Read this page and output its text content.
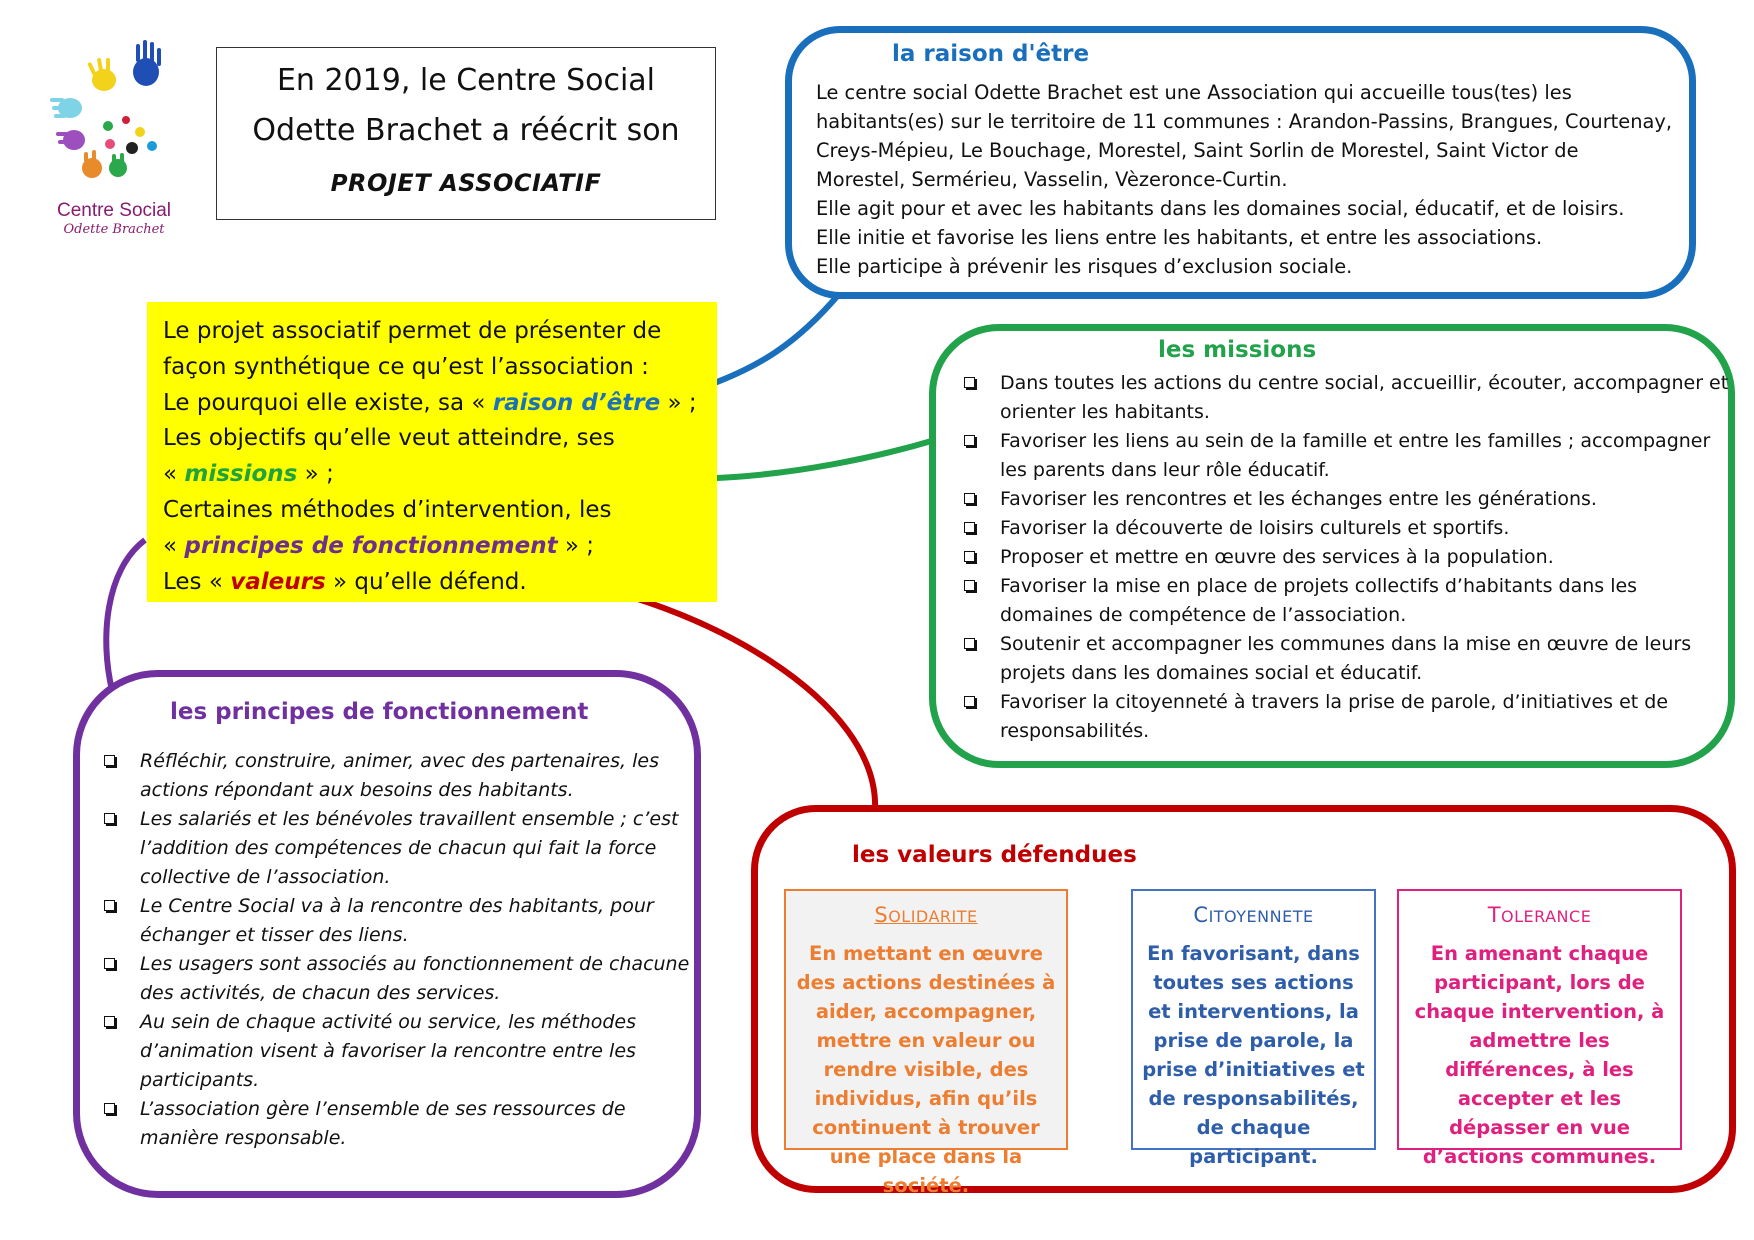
Centre Social
Odette Brachet
En 2019, le Centre Social
Odette Brachet a réécrit son
PROJET ASSOCIATIF
Le projet associatif permet de présenter de
façon synthétique ce qu’est l’association :
Le pourquoi elle existe, sa « raison d’être » ;
Les objectifs qu’elle veut atteindre, ses
« missions » ;
Certaines méthodes d’intervention, les
« principes de fonctionnement » ;
Les « valeurs » qu’elle défend.
la raison d'être
Le centre social Odette Brachet est une Association qui accueille tous(tes) les
habitants(es) sur le territoire de 11 communes : Arandon-Passins, Brangues, Courtenay,
Creys-Mépieu, Le Bouchage, Morestel, Saint Sorlin de Morestel, Saint Victor de
Morestel, Sermérieu, Vasselin, Vèzeronce-Curtin.
Elle agit pour et avec les habitants dans les domaines social, éducatif, et de loisirs.
Elle initie et favorise les liens entre les habitants, et entre les associations.
Elle participe à prévenir les risques d’exclusion sociale.
les missions
Dans toutes les actions du centre social, accueillir, écouter, accompagner et orienter les habitants.
Favoriser les liens au sein de la famille et entre les familles ; accompagner les parents dans leur rôle éducatif.
Favoriser les rencontres et les échanges entre les générations.
Favoriser la découverte de loisirs culturels et sportifs.
Proposer et mettre en œuvre des services à la population.
Favoriser la mise en place de projets collectifs d’habitants dans les domaines de compétence de l’association.
Soutenir et accompagner les communes dans la mise en œuvre de leurs projets dans les domaines social et éducatif.
Favoriser la citoyenneté à travers la prise de parole, d’initiatives et de responsabilités.
les principes de fonctionnement
Réfléchir, construire, animer, avec des partenaires, les actions répondant aux besoins des habitants.
Les salariés et les bénévoles travaillent ensemble ; c’est l’addition des compétences de chacun qui fait la force collective de l’association.
Le Centre Social va à la rencontre des habitants, pour échanger et tisser des liens.
Les usagers sont associés au fonctionnement de chacune des activités, de chacun des services.
Au sein de chaque activité ou service, les méthodes d’animation visent à favoriser la rencontre entre les participants.
L’association gère l’ensemble de ses ressources de manière responsable.
les valeurs défendues
SOLIDARITE
En mettant en œuvre des actions destinées à aider, accompagner, mettre en valeur ou rendre visible, des individus, afin qu’ils continuent à trouver une place dans la société.
CITOYENNETE
En favorisant, dans toutes ses actions et interventions, la prise de parole, la prise d’initiatives et de responsabilités, de chaque participant.
TOLERANCE
En amenant chaque participant, lors de chaque intervention, à admettre les différences, à les accepter et les dépasser en vue d’actions communes.
